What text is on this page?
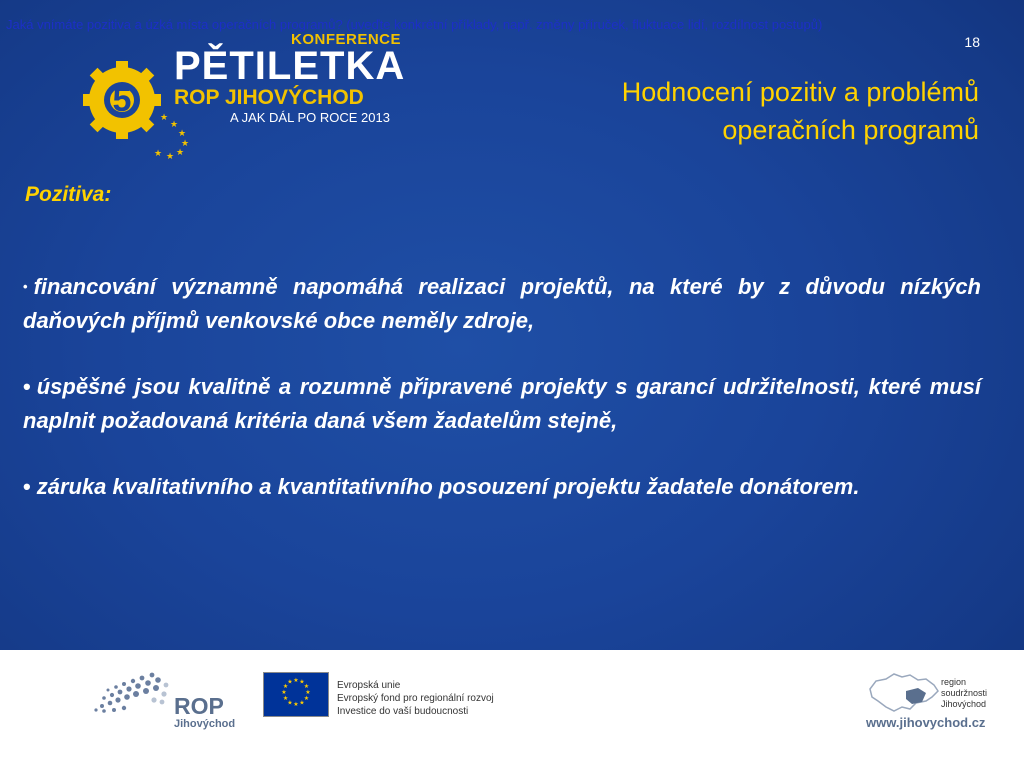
Jaká vnímáte pozitiva a úzká místa operačních programů? (uveďte konkrétní příklady, např. změny příruček, fluktuace lidí, rozdílnost postupů)
18
5	★
★
★
★
★
★
★
KONFERENCE
PĚTILETKA
ROP JIHOVÝCHOD
A JAK DÁL PO ROCE 2013
Hodnocení pozitiv a problémů
operačních programů
Pozitiva:

• financování významně napomáhá realizaci projektů, na které by z důvodu nízkých daňových příjmů venkovské obce neměly zdroje,

• úspěšné jsou kvalitně a rozumně připravené projekty s garancí udržitelnosti, které musí naplnit požadovaná kritéria daná všem žadatelům stejně,

• záruka kvalitativního a kvantitativního posouzení projektu žadatele donátorem.

ROP
Jihovýchod
★ ★
★
★
★
★
★
★
★
★
★
★	Evropská unie
Evropský fond pro regionální rozvoj
Investice do vaší budoucnosti
region
soudržnosti
Jihovýchod
www.jihovychod.cz
